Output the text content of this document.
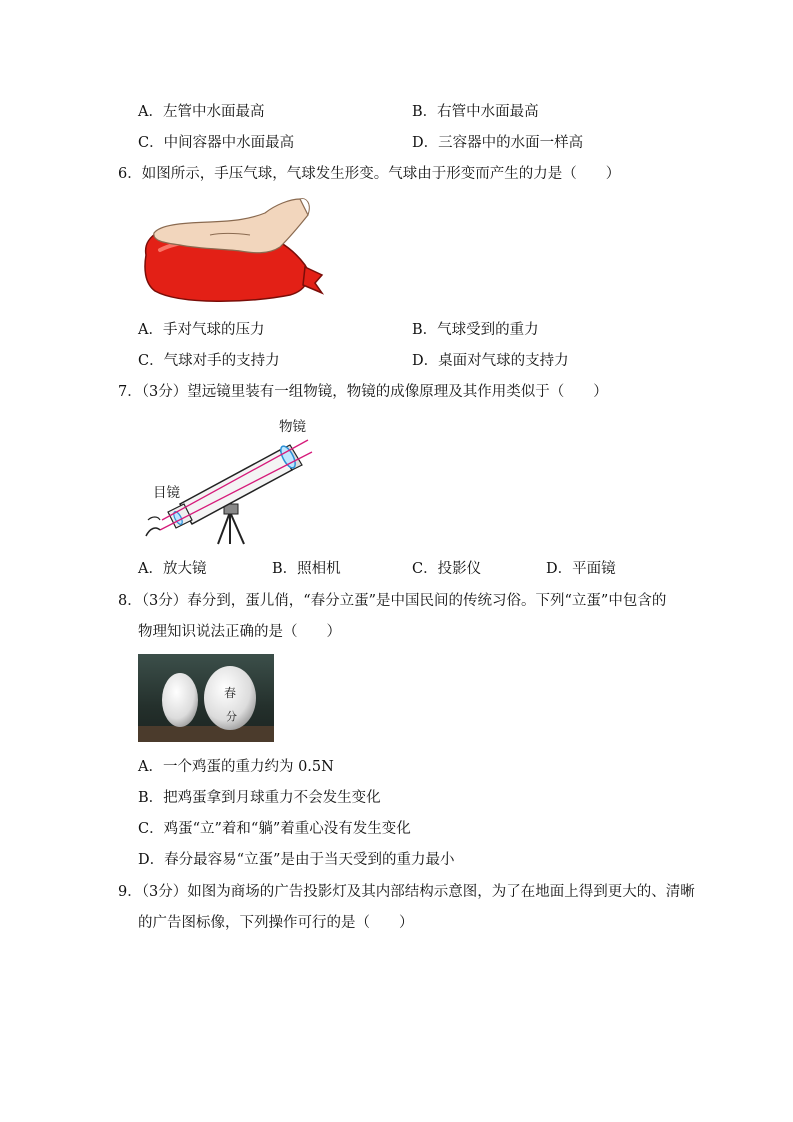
A．左管中水面最高	B．右管中水面最高
C．中间容器中水面最高	D．三容器中的水面一样高
6．如图所示，手压气球，气球发生形变。气球由于形变而产生的力是（　　）
A．手对气球的压力	B．气球受到的重力
C．气球对手的支持力	D．桌面对气球的支持力
7．（3分）望远镜里装有一组物镜，物镜的成像原理及其作用类似于（　　）
物镜
目镜
A．放大镜	B．照相机	C．投影仪	D．平面镜
8．（3分）春分到，蛋儿俏，“春分立蛋”是中国民间的传统习俗。下列“立蛋”中包含的
物理知识说法正确的是（　　）
春
分
A．一个鸡蛋的重力约为 0.5N
B．把鸡蛋拿到月球重力不会发生变化
C．鸡蛋“立”着和“躺”着重心没有发生变化
D．春分最容易“立蛋”是由于当天受到的重力最小
9．（3分）如图为商场的广告投影灯及其内部结构示意图，为了在地面上得到更大的、清晰
的广告图标像，下列操作可行的是（　　）
